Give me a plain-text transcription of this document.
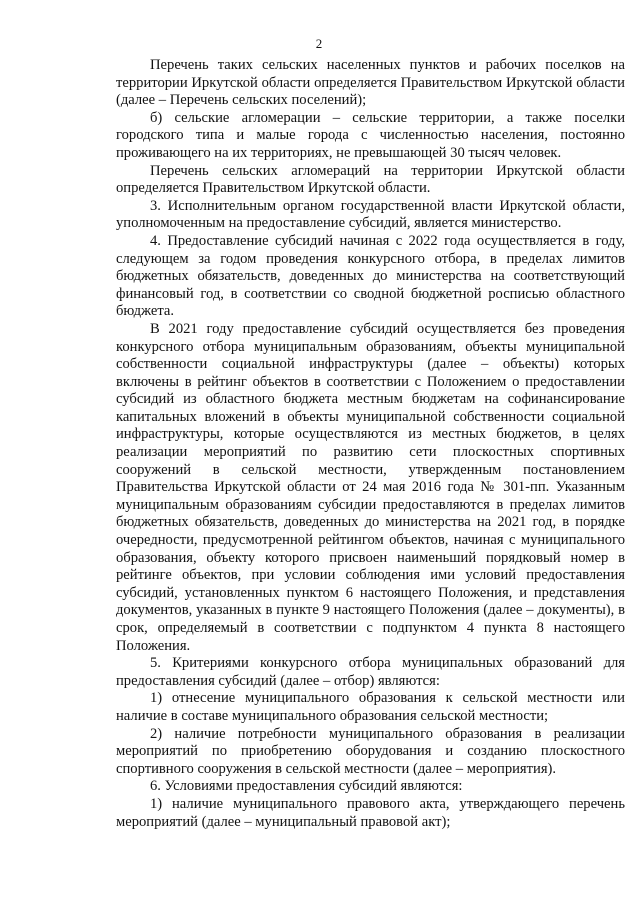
2

Перечень таких сельских населенных пунктов и рабочих поселков на территории Иркутской области определяется Правительством Иркутской области (далее – Перечень сельских поселений);

б) сельские агломерации – сельские территории, а также поселки городского типа и малые города с численностью населения, постоянно проживающего на их территориях, не превышающей 30 тысяч человек.

Перечень сельских агломераций на территории Иркутской области определяется Правительством Иркутской области.

3. Исполнительным органом государственной власти Иркутской области, уполномоченным на предоставление субсидий, является министерство.

4. Предоставление субсидий начиная с 2022 года осуществляется в году, следующем за годом проведения конкурсного отбора, в пределах лимитов бюджетных обязательств, доведенных до министерства на соответствующий финансовый год, в соответствии со сводной бюджетной росписью областного бюджета.

В 2021 году предоставление субсидий осуществляется без проведения конкурсного отбора муниципальным образованиям, объекты муниципальной собственности социальной инфраструктуры (далее – объекты) которых включены в рейтинг объектов в соответствии с Положением о предоставлении субсидий из областного бюджета местным бюджетам на софинансирование капитальных вложений в объекты муниципальной собственности социальной инфраструктуры, которые осуществляются из местных бюджетов, в целях реализации мероприятий по развитию сети плоскостных спортивных сооружений в сельской местности, утвержденным постановлением Правительства Иркутской области от 24 мая 2016 года № 301-пп. Указанным муниципальным образованиям субсидии предоставляются в пределах лимитов бюджетных обязательств, доведенных до министерства на 2021 год, в порядке очередности, предусмотренной рейтингом объектов, начиная с муниципального образования, объекту которого присвоен наименьший порядковый номер в рейтинге объектов, при условии соблюдения ими условий предоставления субсидий, установленных пунктом 6 настоящего Положения, и представления документов, указанных в пункте 9 настоящего Положения (далее – документы), в срок, определяемый в соответствии с подпунктом 4 пункта 8 настоящего Положения.

5. Критериями конкурсного отбора муниципальных образований для предоставления субсидий (далее – отбор) являются:

1) отнесение муниципального образования к сельской местности или наличие в составе муниципального образования сельской местности;

2) наличие потребности муниципального образования в реализации мероприятий по приобретению оборудования и созданию плоскостного спортивного сооружения в сельской местности (далее – мероприятия).

6. Условиями предоставления субсидий являются:

1) наличие муниципального правового акта, утверждающего перечень мероприятий (далее – муниципальный правовой акт);
